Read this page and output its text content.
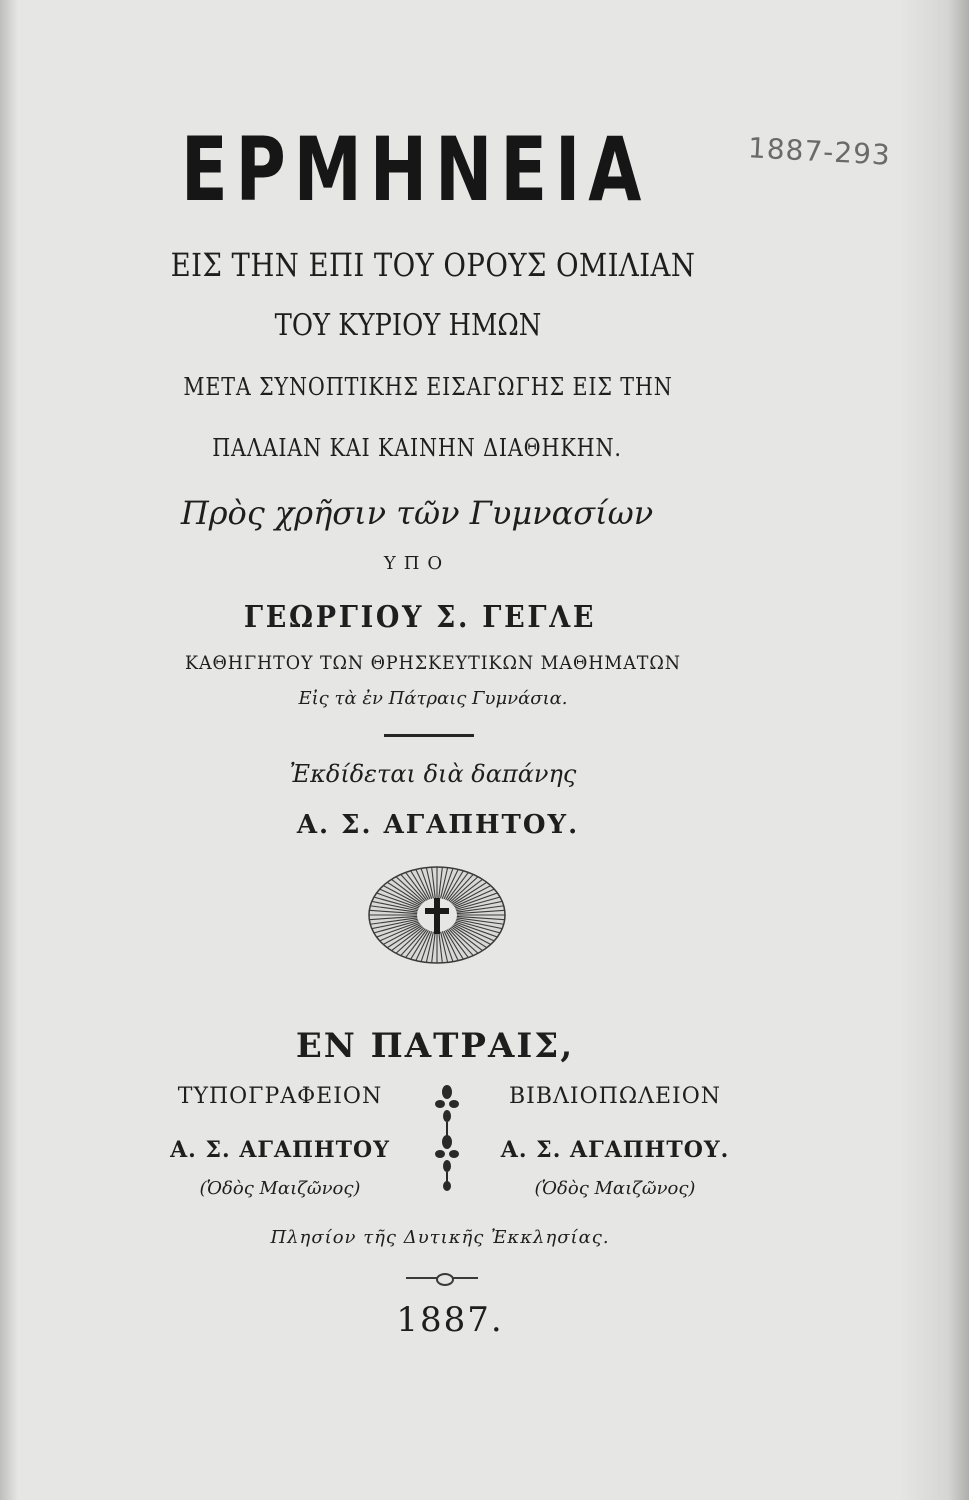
ΕΡΜΗΝΕΙΑ	1887-293
ΕΙΣ ΤΗΝ ΕΠΙ ΤΟΥ ΟΡΟΥΣ ΟΜΙΛΙΑΝ
ΤΟΥ ΚΥΡΙΟΥ ΗΜΩΝ
ΜΕΤΑ ΣΥΝΟΠΤΙΚΗΣ ΕΙΣΑΓΩΓΗΣ ΕΙΣ ΤΗΝ
ΠΑΛΑΙΑΝ ΚΑΙ ΚΑΙΝΗΝ ΔΙΑΘΗΚΗΝ.
Πρὸς χρῆσιν τῶν Γυμνασίων
ΥΠΟ
ΓΕΩΡΓΙΟΥ Σ. ΓΕΓΛΕ
ΚΑΘΗΓΗΤΟΥ ΤΩΝ ΘΡΗΣΚΕΥΤΙΚΩΝ ΜΑΘΗΜΑΤΩΝ
Εἰς τὰ ἐν Πάτραις Γυμνάσια.
Ἐκδίδεται διὰ δαπάνης
Α. Σ. ΑΓΑΠΗΤΟΥ.
ΕΝ ΠΑΤΡΑΙΣ,
ΤΥΠΟΓΡΑΦΕΙΟΝ
Α. Σ. ΑΓΑΠΗΤΟΥ
(Ὁδὸς Μαιζῶνος)
ΒΙΒΛΙΟΠΩΛΕΙΟΝ
Α. Σ. ΑΓΑΠΗΤΟΥ.
(Ὁδὸς Μαιζῶνος)
Πλησίον τῆς Δυτικῆς Ἐκκλησίας.
1887.
